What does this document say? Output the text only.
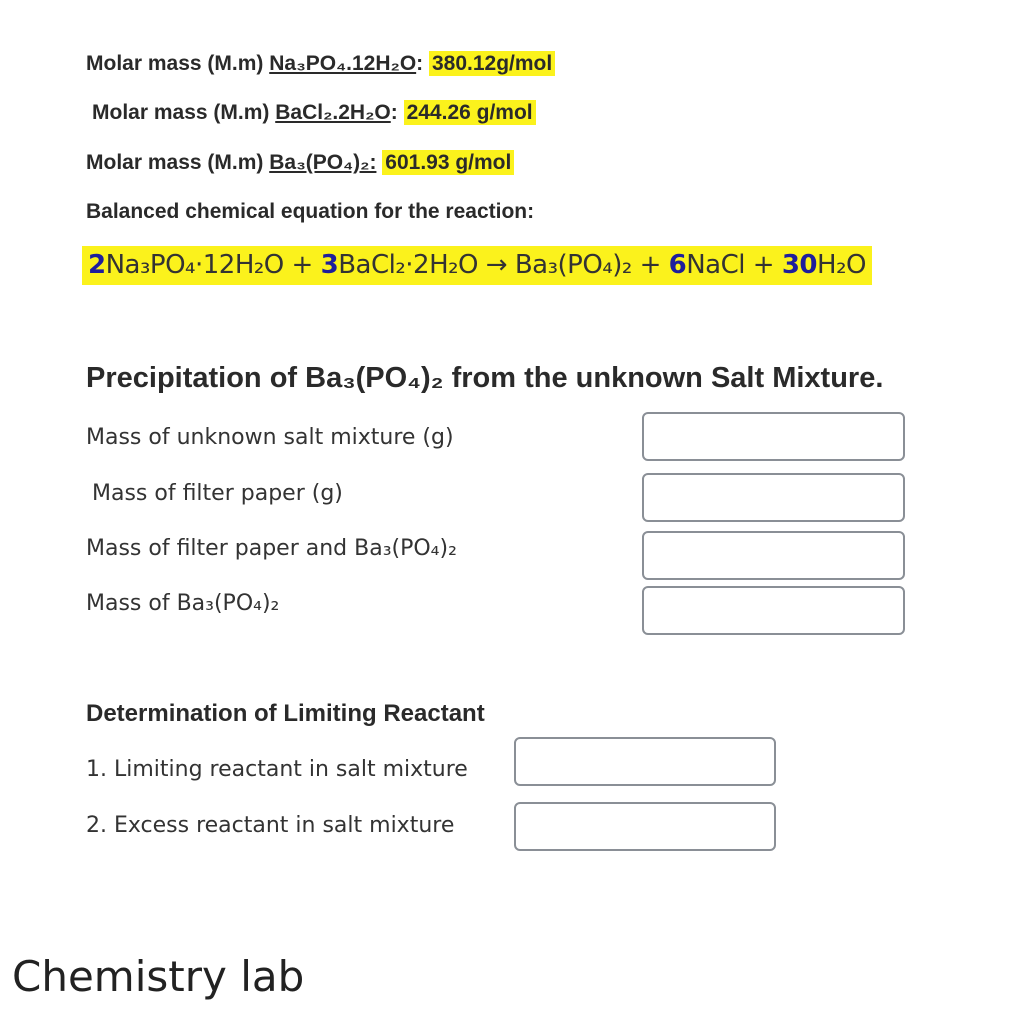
Molar mass (M.m) Na₃PO₄.12H₂O: 380.12g/mol
Molar mass (M.m) BaCl₂.2H₂O: 244.26 g/mol
Molar mass (M.m) Ba₃(PO₄)₂: 601.93 g/mol
Balanced chemical equation for the reaction:
2Na₃PO₄·12H₂O + 3BaCl₂·2H₂O → Ba₃(PO₄)₂ + 6NaCl + 30H₂O
Precipitation of Ba₃(PO₄)₂ from the unknown Salt Mixture.
Mass of unknown salt mixture (g)
Mass of filter paper (g)
Mass of filter paper and Ba₃(PO₄)₂
Mass of Ba₃(PO₄)₂
Determination of Limiting Reactant
1. Limiting reactant in salt mixture
2. Excess reactant in salt mixture
Chemistry lab
